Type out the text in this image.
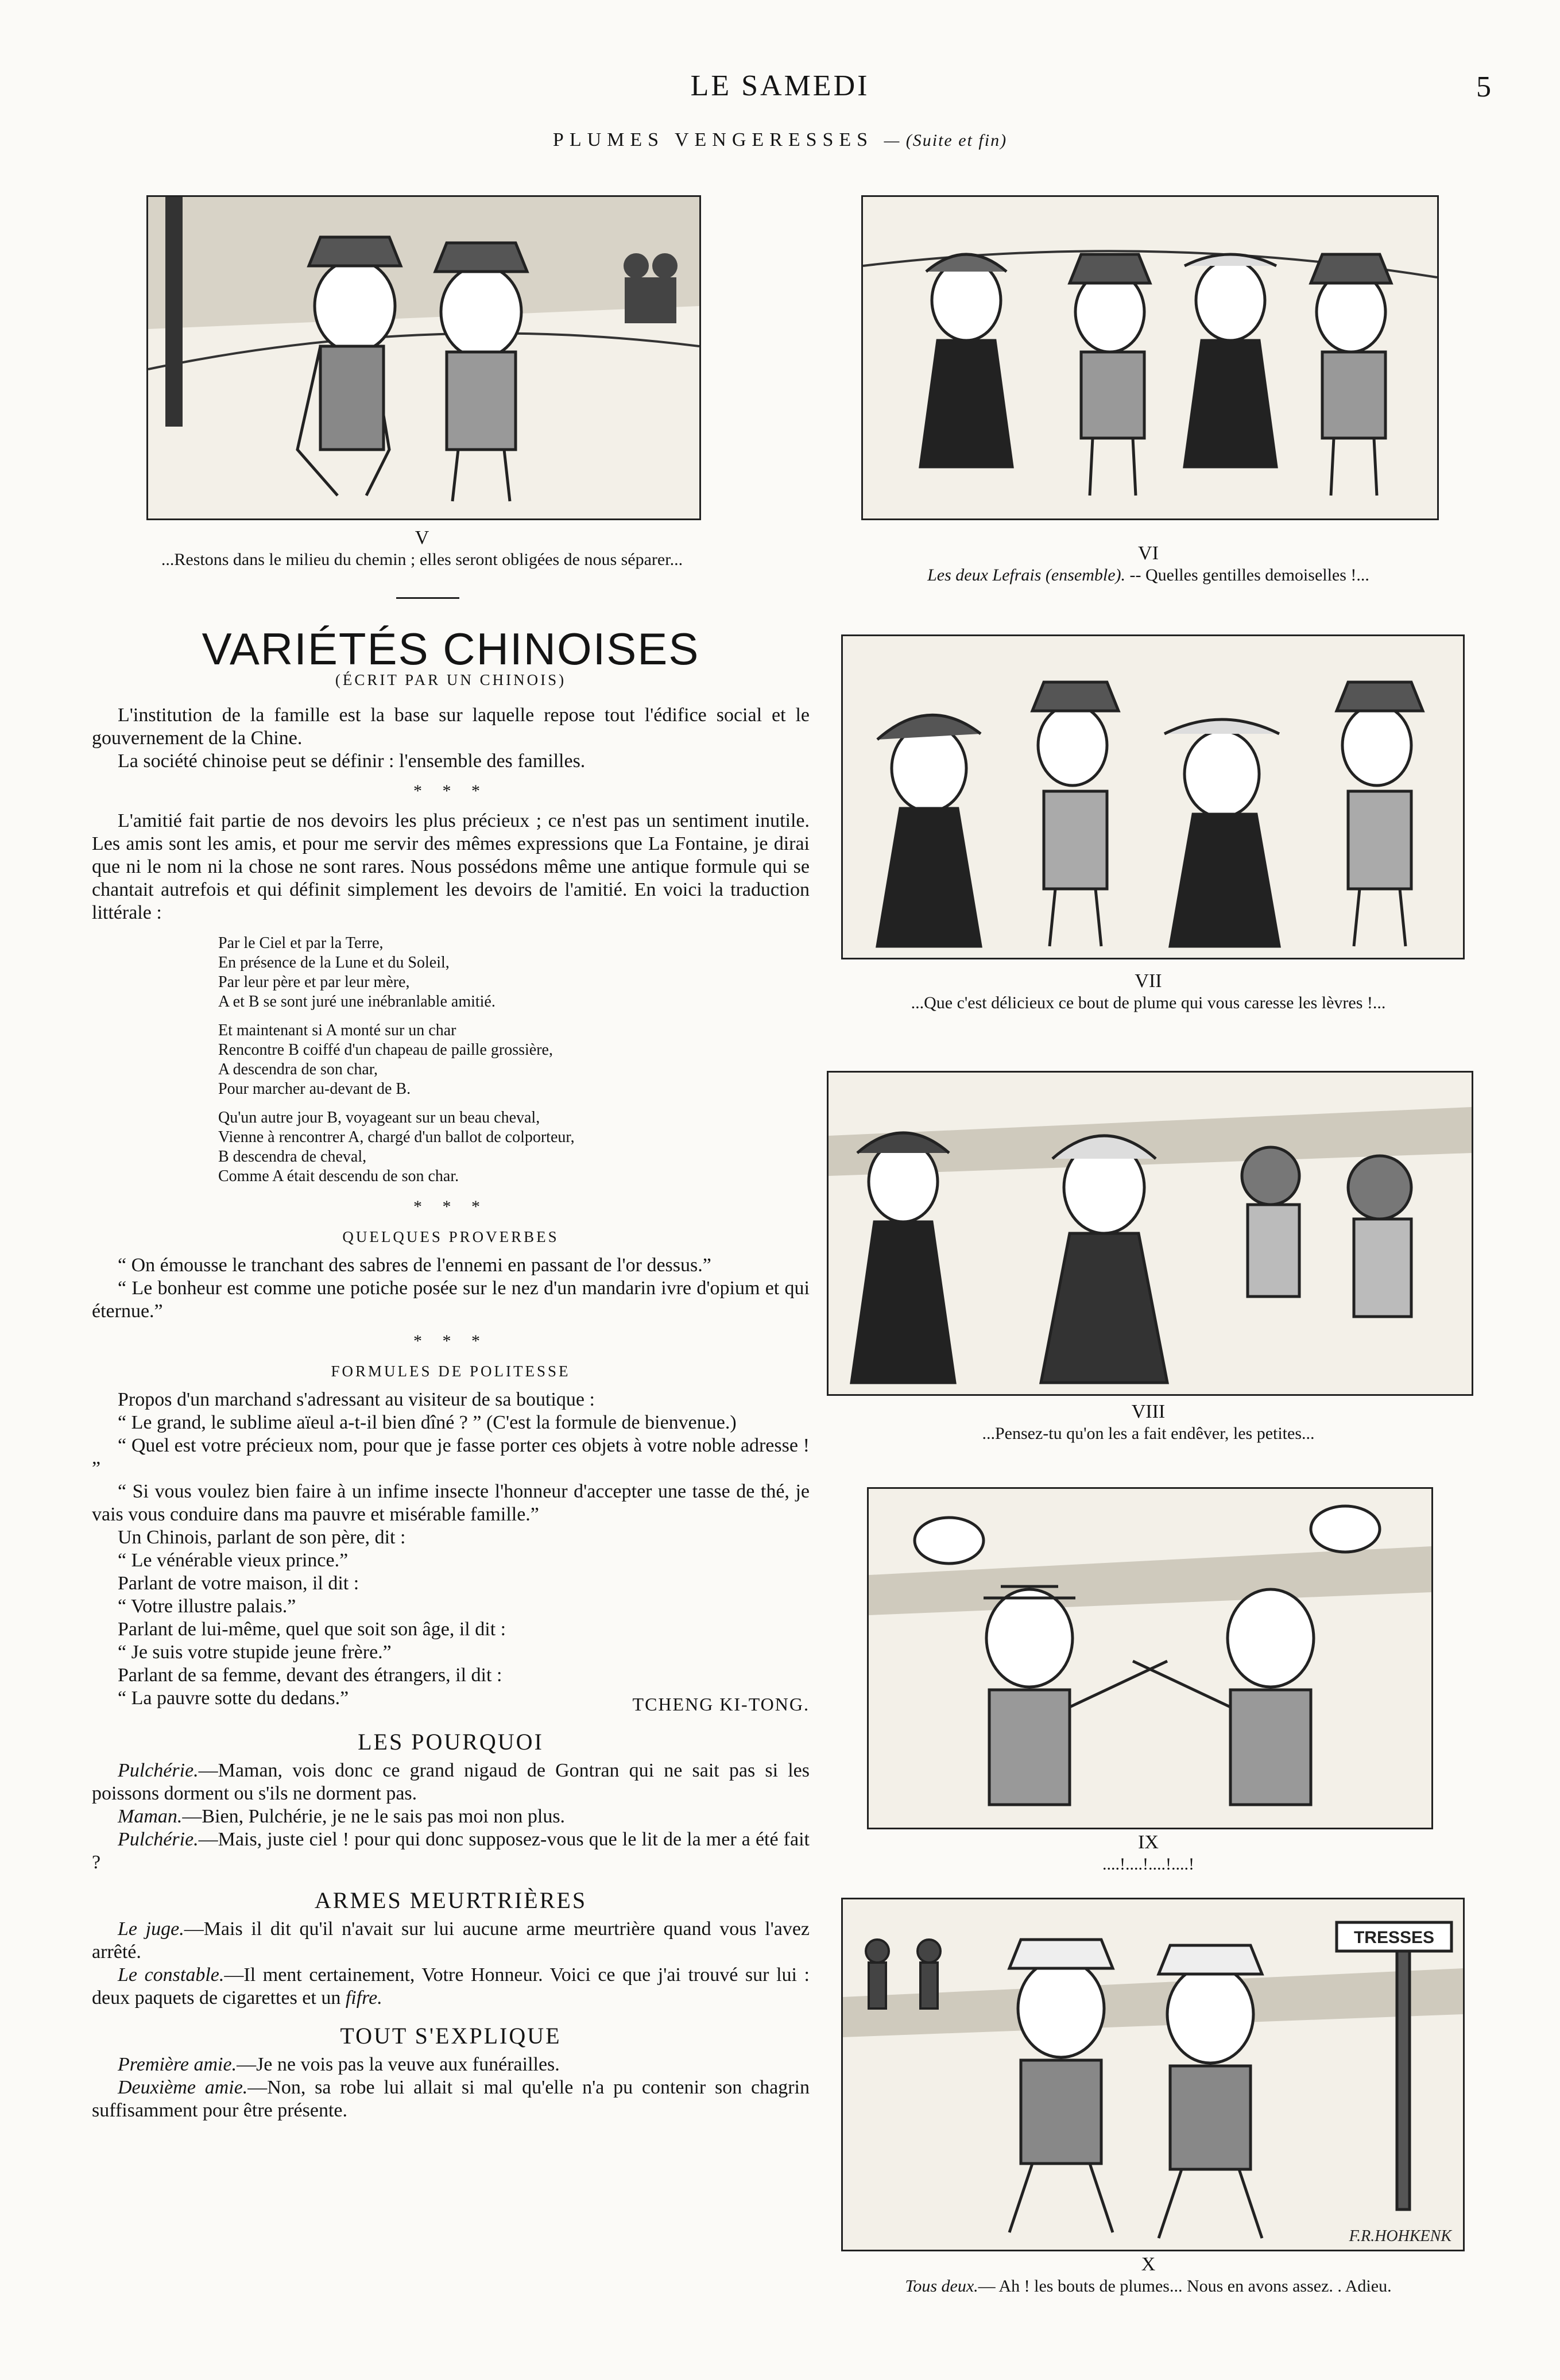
LE SAMEDI	5
PLUMES VENGERESSES — (Suite et fin)
V
...Restons dans le milieu du chemin ; elles seront obligées de nous séparer...	VI
Les deux Lefrais (ensemble). -- Quelles gentilles demoiselles !...
VARIÉTÉS CHINOISES
(ÉCRIT PAR UN CHINOIS)

L'institution de la famille est la base sur laquelle repose tout l'édifice social et le gouvernement de la Chine.

La société chinoise peut se définir : l'ensemble des familles.

* * *

L'amitié fait partie de nos devoirs les plus précieux ; ce n'est pas un sentiment inutile. Les amis sont les amis, et pour me servir des mêmes expressions que La Fontaine, je dirai que ni le nom ni la chose ne sont rares. Nous possédons même une antique formule qui se chantait autrefois et qui définit simplement les devoirs de l'amitié. En voici la traduction littérale :

Par le Ciel et par la Terre,
En présence de la Lune et du Soleil,
Par leur père et par leur mère,
A et B se sont juré une inébranlable amitié.
Et maintenant si A monté sur un char
Rencontre B coiffé d'un chapeau de paille grossière,
A descendra de son char,
Pour marcher au-devant de B.
Qu'un autre jour B, voyageant sur un beau cheval,
Vienne à rencontrer A, chargé d'un ballot de colporteur,
B descendra de cheval,
Comme A était descendu de son char.
* * *
QUELQUES PROVERBES

“ On émousse le tranchant des sabres de l'ennemi en passant de l'or dessus.”

“ Le bonheur est comme une potiche posée sur le nez d'un mandarin ivre d'opium et qui éternue.”

* * *
FORMULES DE POLITESSE

Propos d'un marchand s'adressant au visiteur de sa boutique :

“ Le grand, le sublime aïeul a-t-il bien dîné ? ” (C'est la formule de bienvenue.)

“ Quel est votre précieux nom, pour que je fasse porter ces objets à votre noble adresse ! ”

“ Si vous voulez bien faire à un infime insecte l'honneur d'accepter une tasse de thé, je vais vous conduire dans ma pauvre et misérable famille.”

Un Chinois, parlant de son père, dit :

“ Le vénérable vieux prince.”

Parlant de votre maison, il dit :

“ Votre illustre palais.”

Parlant de lui-même, quel que soit son âge, il dit :

“ Je suis votre stupide jeune frère.”

Parlant de sa femme, devant des étrangers, il dit :

“ La pauvre sotte du dedans.”	TCHENG KI-TONG.
LES POURQUOI

Pulchérie.—Maman, vois donc ce grand nigaud de Gontran qui ne sait pas si les poissons dorment ou s'ils ne dorment pas.

Maman.—Bien, Pulchérie, je ne le sais pas moi non plus.

Pulchérie.—Mais, juste ciel ! pour qui donc supposez-vous que le lit de la mer a été fait ?

ARMES MEURTRIÈRES

Le juge.—Mais il dit qu'il n'avait sur lui aucune arme meurtrière quand vous l'avez arrêté.

Le constable.—Il ment certainement, Votre Honneur. Voici ce que j'ai trouvé sur lui : deux paquets de cigarettes et un fifre.

TOUT S'EXPLIQUE

Première amie.—Je ne vois pas la veuve aux funérailles.

Deuxième amie.—Non, sa robe lui allait si mal qu'elle n'a pu contenir son chagrin suffisamment pour être présente.

VII
...Que c'est délicieux ce bout de plume qui vous caresse les lèvres !...
VIII
...Pensez-tu qu'on les a fait endêver, les petites...
IX
....!....!....!....!
TRESSES
F.R.HOHKENK
X
Tous deux.— Ah ! les bouts de plumes... Nous en avons assez. . Adieu.
